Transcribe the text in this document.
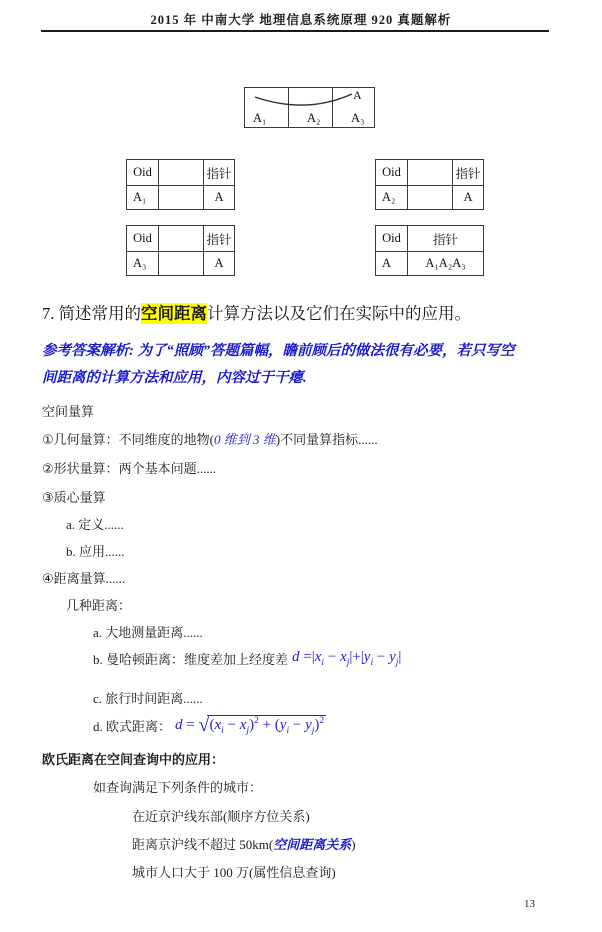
2015 年 中南大学 地理信息系统原理 920 真题解析
A
A₁	A₂ A₃
Oid		指针
A₁		A
Oid		指针
A₂		A
Oid		指针
A₃		A
Oid	指针
A	A₁A₂A₃
7. 简述常用的空间距离计算方法以及它们在实际中的应用。
参考答案解析: 为了“照顾”答题篇幅，瞻前顾后的做法很有必要，若只写空
间距离的计算方法和应用，内容过于干瘪.
空间量算
①几何量算：不同维度的地物(0 维到 3 维)不同量算指标......
②形状量算：两个基本问题......
③质心量算
a. 定义......
b. 应用......
④距离量算......
几种距离：
a. 大地测量距离......
b. 曼哈顿距离：维度差加上经度差 $d =|x_i - x_j|+|y_i - y_j|$
c. 旅行时间距离......
d. 欧式距离： $d = √(x_i - x_j)^2 + (y_i - y_j)^2$
欧氏距离在空间查询中的应用：
如查询满足下列条件的城市：
在近京沪线东部(顺序方位关系)
距离京沪线不超过 50km(空间距离关系)
城市人口大于 100 万(属性信息查询)
13
